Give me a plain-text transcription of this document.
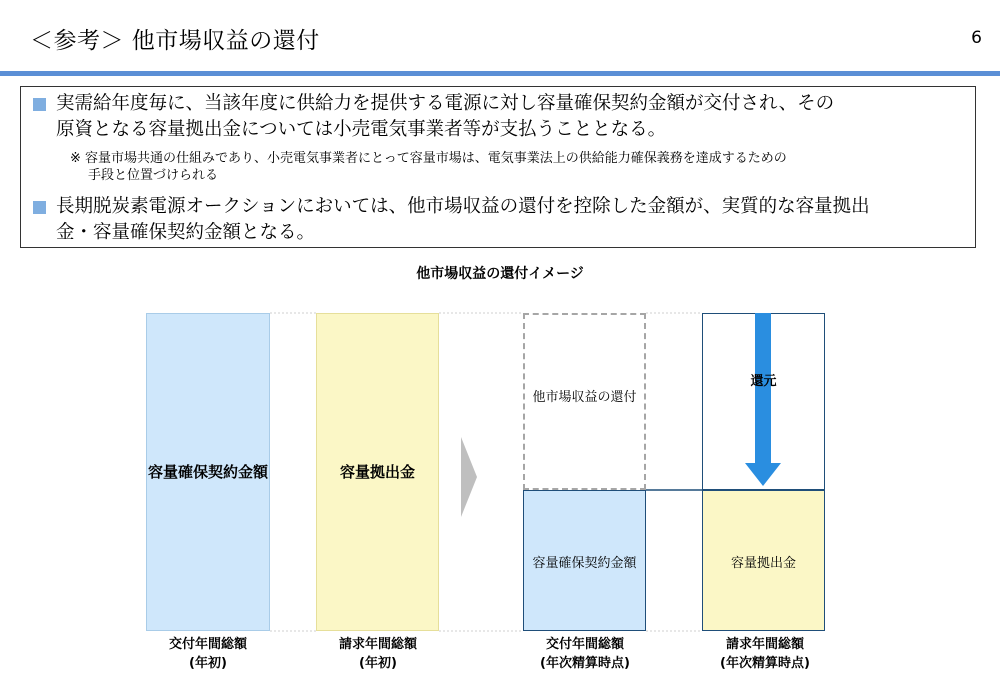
＜参考＞ 他市場収益の還付	6
実需給年度毎に、当該年度に供給力を提供する電源に対し容量確保契約金額が交付され、その
原資となる容量拠出金については小売電気事業者等が支払うこととなる。
※ 容量市場共通の仕組みであり、小売電気事業者にとって容量市場は、電気事業法上の供給能力確保義務を達成するための
手段と位置づけられる
長期脱炭素電源オークションにおいては、他市場収益の還付を控除した金額が、実質的な容量拠出
金・容量確保契約金額となる。
他市場収益の還付イメージ
容量確保契約金額	容量拠出金
他市場収益の還付
容量確保契約金額
還元
容量拠出金
交付年間総額
(年初)
請求年間総額
(年初)
交付年間総額
(年次精算時点)
請求年間総額
(年次精算時点)
